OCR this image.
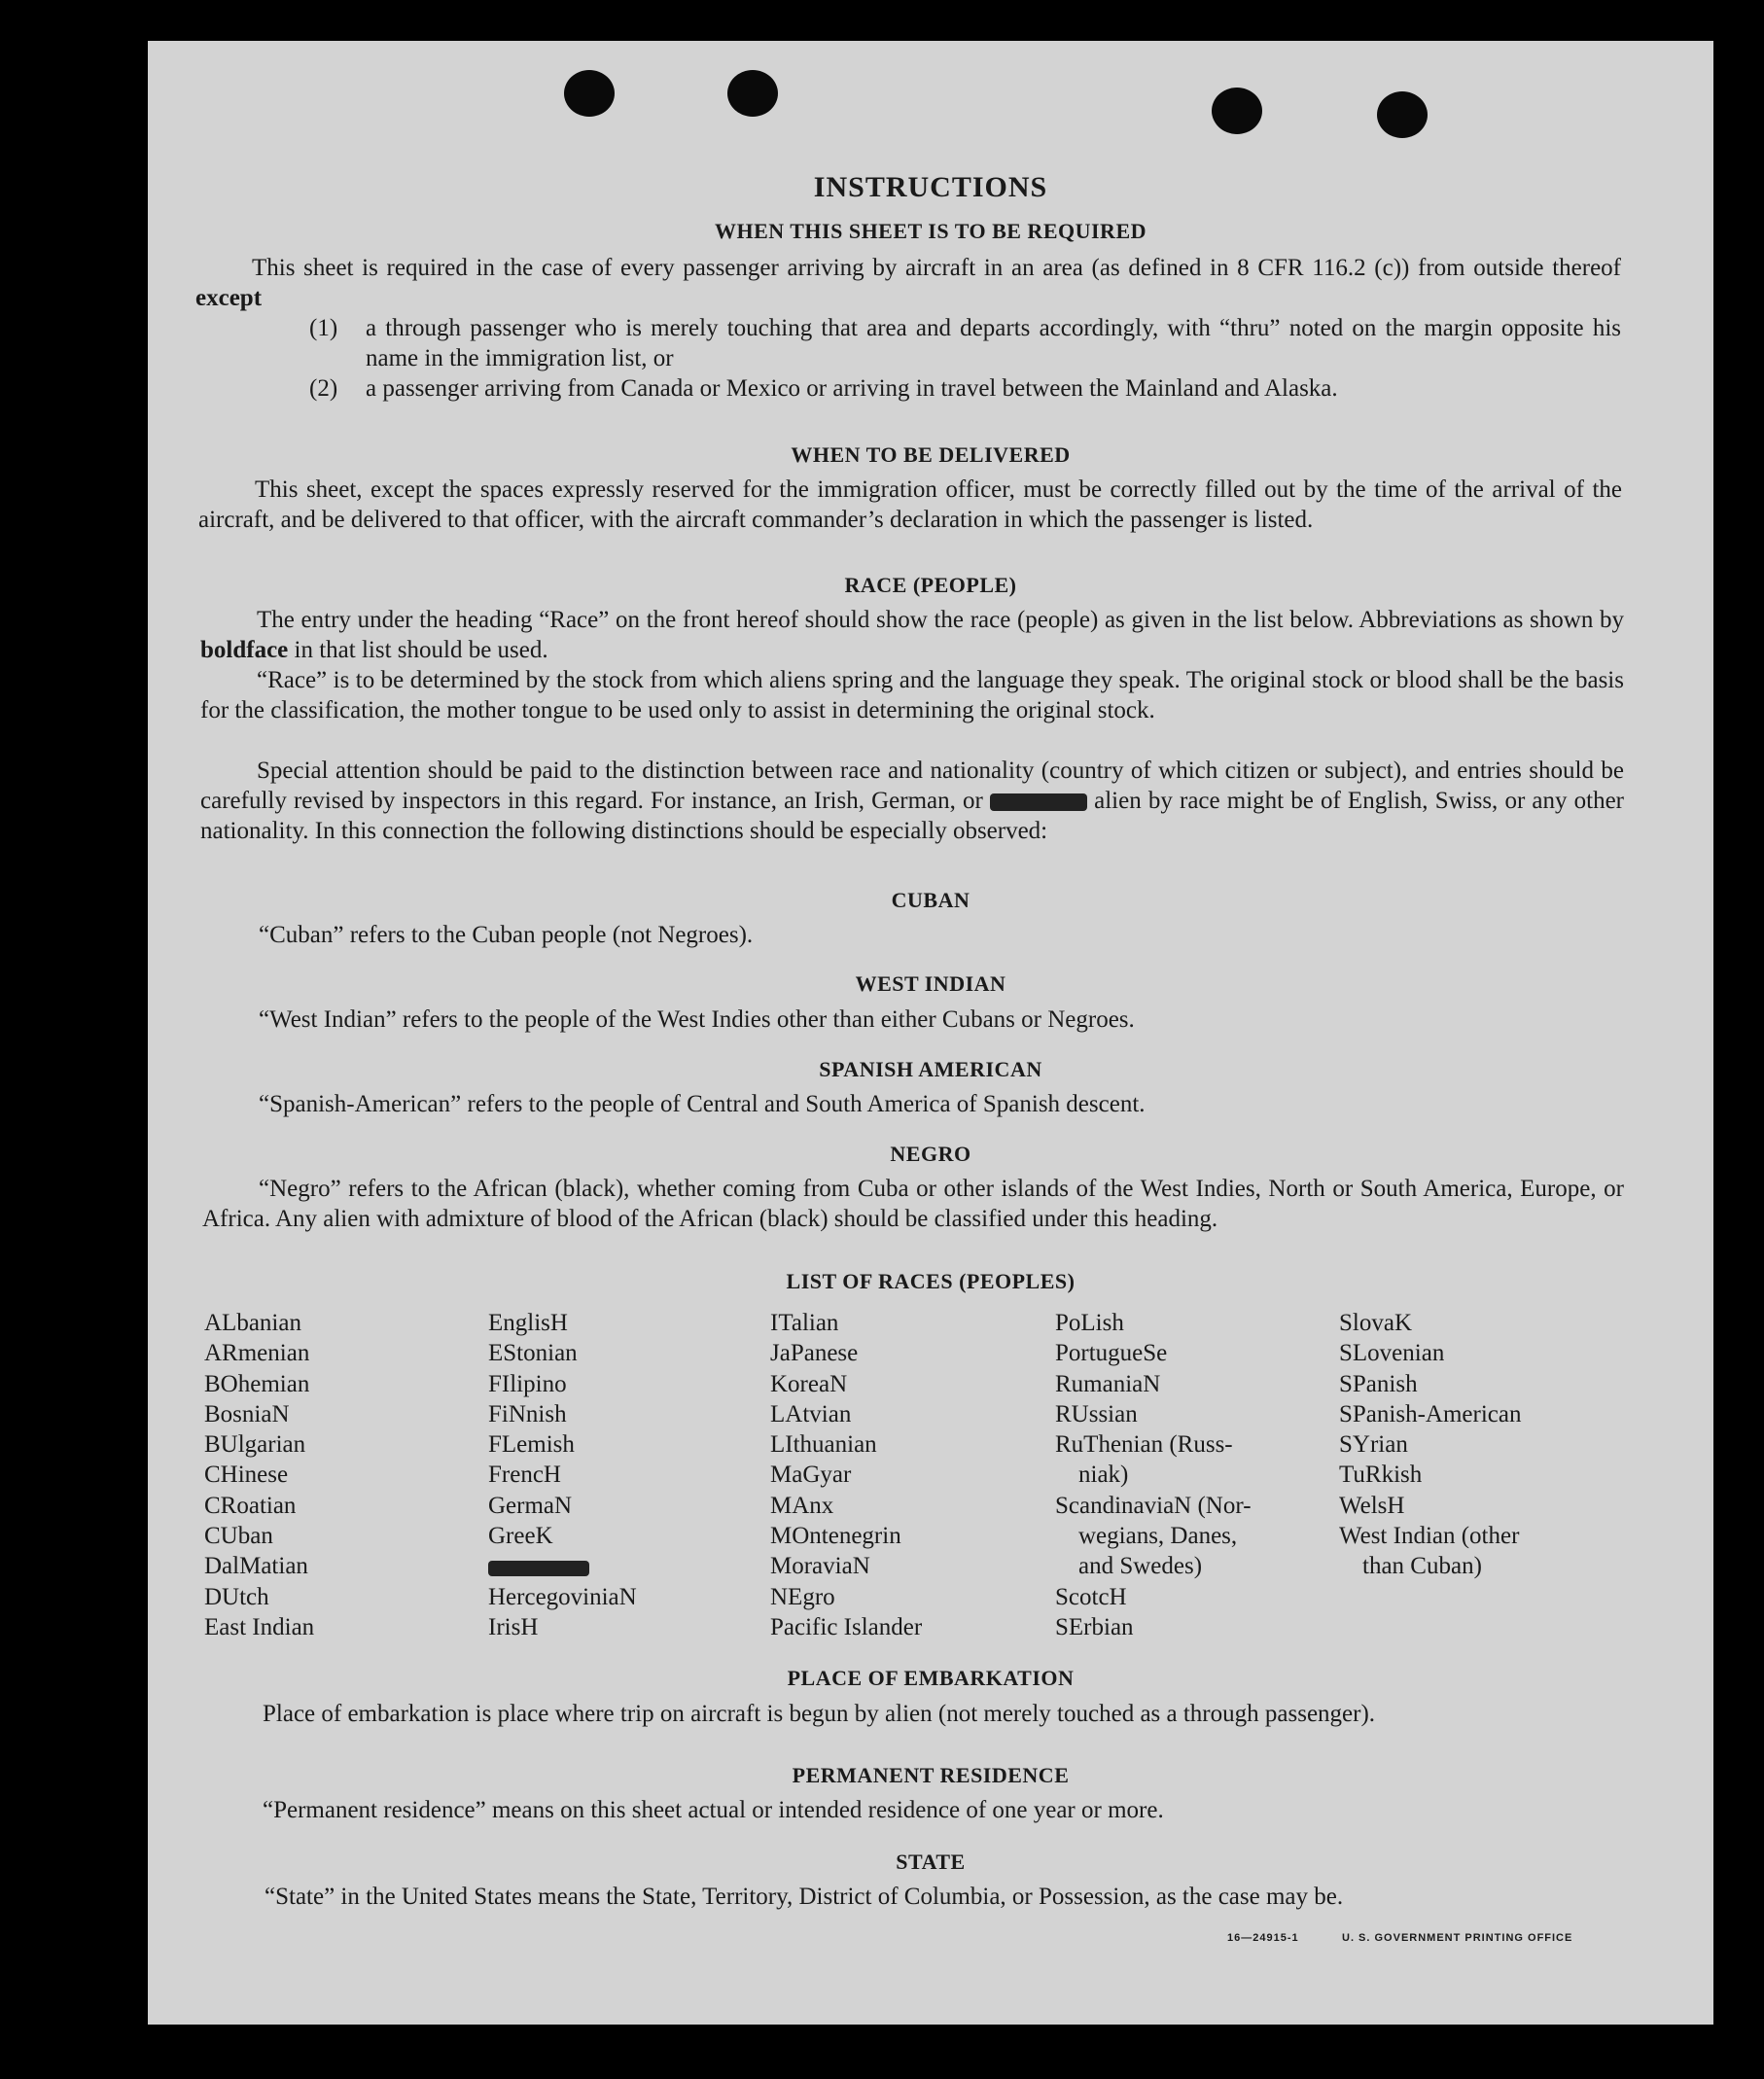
INSTRUCTIONS
WHEN THIS SHEET IS TO BE REQUIRED
This sheet is required in the case of every passenger arriving by aircraft in an area (as defined in 8 CFR 116.2 (c)) from outside thereof except
(1) a through passenger who is merely touching that area and departs accordingly, with “thru” noted on the margin opposite his name in the immigration list, or
(2) a passenger arriving from Canada or Mexico or arriving in travel between the Mainland and Alaska.
WHEN TO BE DELIVERED
This sheet, except the spaces expressly reserved for the immigration officer, must be correctly filled out by the time of the arrival of the aircraft, and be delivered to that officer, with the aircraft commander’s declaration in which the passenger is listed.
RACE (PEOPLE)
The entry under the heading “Race” on the front hereof should show the race (people) as given in the list below. Abbreviations as shown by boldface in that list should be used.
“Race” is to be determined by the stock from which aliens spring and the language they speak. The original stock or blood shall be the basis for the classification, the mother tongue to be used only to assist in determining the original stock.
Special attention should be paid to the distinction between race and nationality (country of which citizen or subject), and entries should be carefully revised by inspectors in this regard. For instance, an Irish, German, or	alien by race might be of English, Swiss, or any other nationality. In this connection the following distinctions should be especially observed:
CUBAN
“Cuban” refers to the Cuban people (not Negroes).
WEST INDIAN
“West Indian” refers to the people of the West Indies other than either Cubans or Negroes.
SPANISH AMERICAN
“Spanish-American” refers to the people of Central and South America of Spanish descent.
NEGRO
“Negro” refers to the African (black), whether coming from Cuba or other islands of the West Indies, North or South America, Europe, or Africa. Any alien with admixture of blood of the African (black) should be classified under this heading.
LIST OF RACES (PEOPLES)
ALbanian
ARmenian
BOhemian
BosniaN
BUlgarian
CHinese
CRoatian
CUban
DalMatian
DUtch
East Indian
EnglisH
EStonian
FIlipino
FiNnish
FLemish
FrencH
GermaN
GreeK
HercegoviniaN
IrisH
ITalian
JaPanese
KoreaN
LAtvian
LIthuanian
MaGyar
MAnx
MOntenegrin
MoraviaN
NEgro
Pacific Islander
PoLish
PortugueSe
RumaniaN
RUssian
RuThenian (Russ-
niak)
ScandinaviaN (Nor-
wegians, Danes,
and Swedes)
ScotcH
SErbian
SlovaK
SLovenian
SPanish
SPanish-American
SYrian
TuRkish
WelsH
West Indian (other
than Cuban)
PLACE OF EMBARKATION
Place of embarkation is place where trip on aircraft is begun by alien (not merely touched as a through passenger).
PERMANENT RESIDENCE
“Permanent residence” means on this sheet actual or intended residence of one year or more.
STATE
“State” in the United States means the State, Territory, District of Columbia, or Possession, as the case may be.
16—24915-1	U. S. GOVERNMENT PRINTING OFFICE
